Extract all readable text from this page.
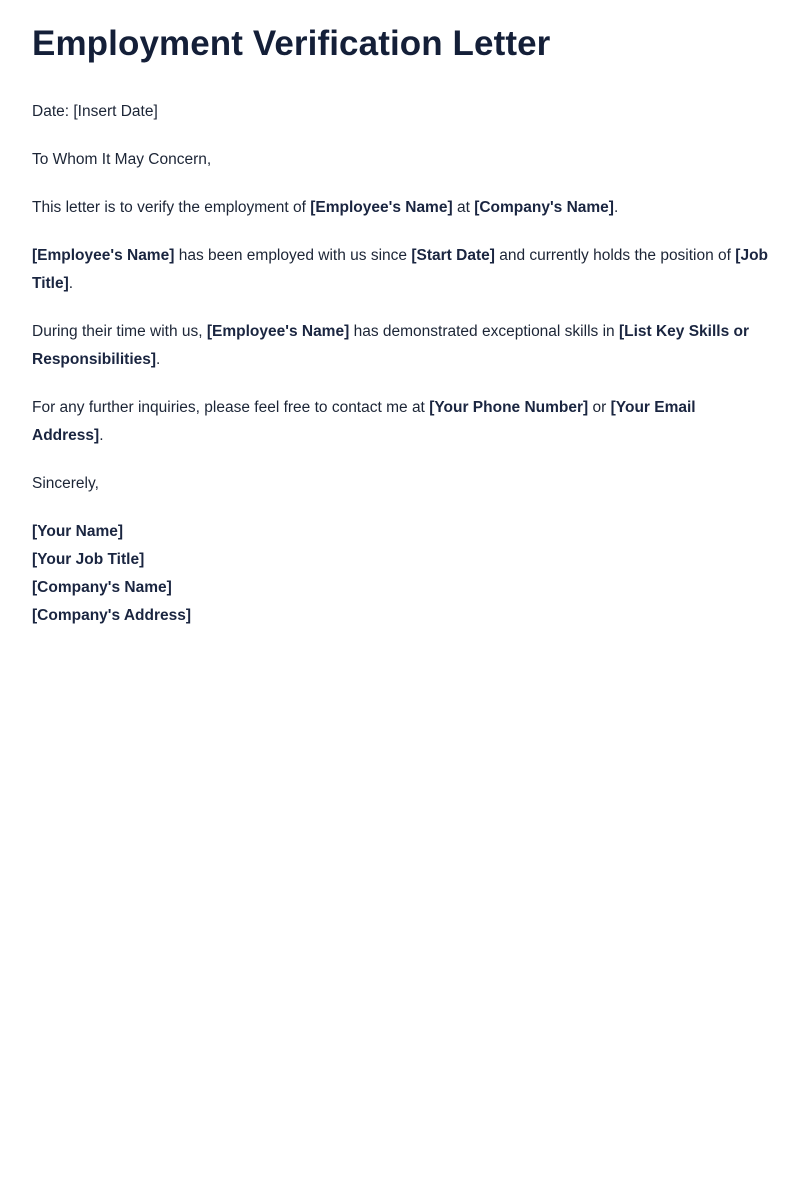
Employment Verification Letter

Date: [Insert Date]

To Whom It May Concern,

This letter is to verify the employment of [Employee's Name] at [Company's Name].

[Employee's Name] has been employed with us since [Start Date] and currently holds the position of [Job Title].

During their time with us, [Employee's Name] has demonstrated exceptional skills in [List Key Skills or Responsibilities].

For any further inquiries, please feel free to contact me at [Your Phone Number] or [Your Email Address].

Sincerely,

[Your Name]
[Your Job Title]
[Company's Name]
[Company's Address]
